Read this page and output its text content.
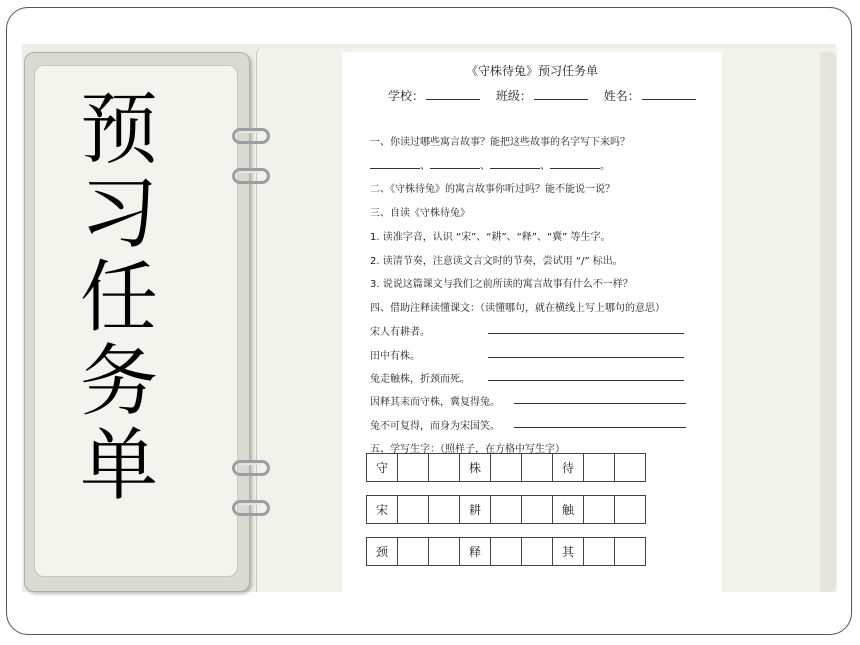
预
习
任
务
单
《守株待兔》预习任务单
学校：	班级：	姓名：
一、你读过哪些寓言故事？能把这些故事的名字写下来吗？
、	、	、	。
二、《守株待兔》的寓言故事你听过吗？能不能说一说？
三、自读《守株待兔》
1. 读准字音，认识 “宋”、“耕”、“释”、“冀” 等生字。
2. 读清节奏，注意读文言文时的节奏，尝试用 “/” 标出。
3. 说说这篇课文与我们之前所读的寓言故事有什么不一样？
四、借助注释读懂课文：（读懂哪句，就在横线上写上哪句的意思）
宋人有耕者。
田中有株。
兔走触株，折颈而死。
因释其耒而守株，冀复得兔。
兔不可复得，而身为宋国笑。
五、学写生字：（照样子，在方格中写生字）
守			株			待		
宋			耕			触		
颈			释			其		
